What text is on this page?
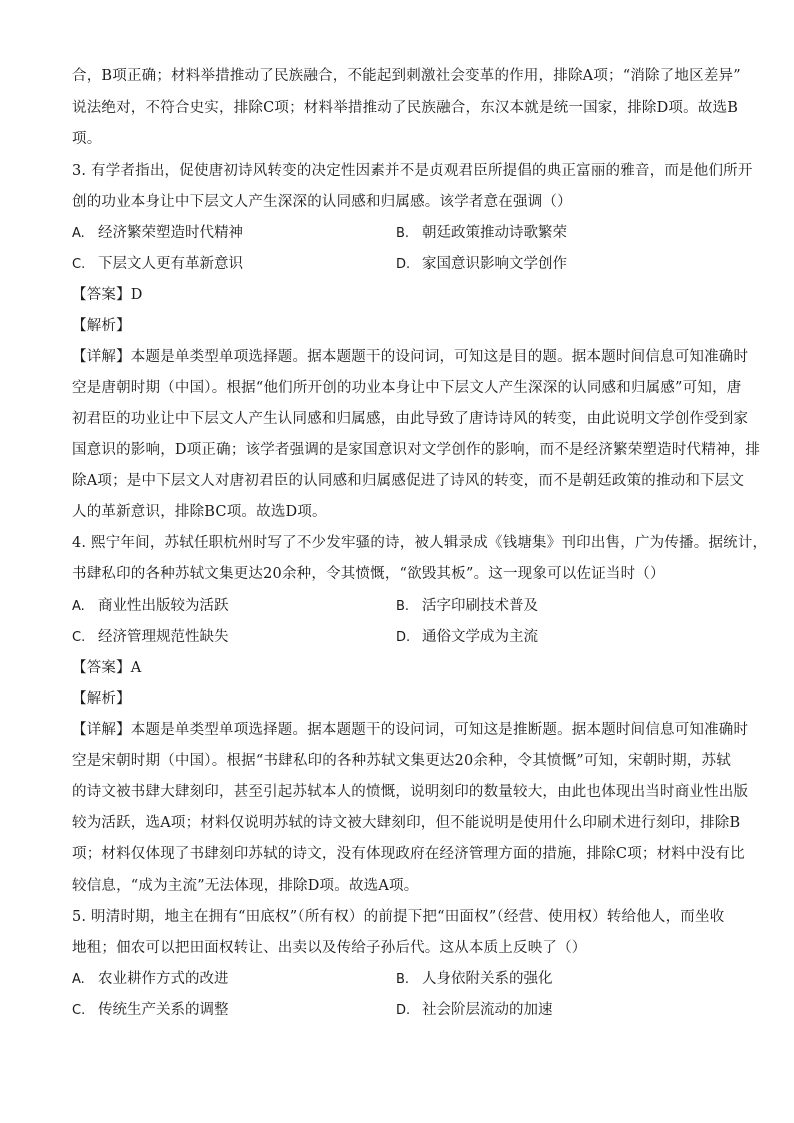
合，B项正确；材料举措推动了民族融合，不能起到刺激社会变革的作用，排除A项；“消除了地区差异”
说法绝对，不符合史实，排除C项；材料举措推动了民族融合，东汉本就是统一国家，排除D项。故选B
项。
3. 有学者指出，促使唐初诗风转变的决定性因素并不是贞观君臣所提倡的典正富丽的雅音，而是他们所开
创的功业本身让中下层文人产生深深的认同感和归属感。该学者意在强调（）
A. 经济繁荣塑造时代精神	B. 朝廷政策推动诗歌繁荣
C. 下层文人更有革新意识	D. 家国意识影响文学创作
【答案】D
【解析】
【详解】本题是单类型单项选择题。据本题题干的设问词，可知这是目的题。据本题时间信息可知准确时
空是唐朝时期（中国）。根据“他们所开创的功业本身让中下层文人产生深深的认同感和归属感”可知，唐
初君臣的功业让中下层文人产生认同感和归属感，由此导致了唐诗诗风的转变，由此说明文学创作受到家
国意识的影响，D项正确；该学者强调的是家国意识对文学创作的影响，而不是经济繁荣塑造时代精神，排
除A项；是中下层文人对唐初君臣的认同感和归属感促进了诗风的转变，而不是朝廷政策的推动和下层文
人的革新意识，排除BC项。故选D项。
4. 熙宁年间，苏轼任职杭州时写了不少发牢骚的诗，被人辑录成《钱塘集》刊印出售，广为传播。据统计，
书肆私印的各种苏轼文集更达20余种，令其愤慨，“欲毁其板”。这一现象可以佐证当时（）
A. 商业性出版较为活跃	B. 活字印刷技术普及
C. 经济管理规范性缺失	D. 通俗文学成为主流
【答案】A
【解析】
【详解】本题是单类型单项选择题。据本题题干的设问词，可知这是推断题。据本题时间信息可知准确时
空是宋朝时期（中国）。根据“书肆私印的各种苏轼文集更达20余种，令其愤慨”可知，宋朝时期，苏轼
的诗文被书肆大肆刻印，甚至引起苏轼本人的愤慨，说明刻印的数量较大，由此也体现出当时商业性出版
较为活跃，选A项；材料仅说明苏轼的诗文被大肆刻印，但不能说明是使用什么印刷术进行刻印，排除B
项；材料仅体现了书肆刻印苏轼的诗文，没有体现政府在经济管理方面的措施，排除C项；材料中没有比
较信息，“成为主流”无法体现，排除D项。故选A项。
5. 明清时期，地主在拥有“田底权”（所有权）的前提下把“田面权”（经营、使用权）转给他人，而坐收
地租；佃农可以把田面权转让、出卖以及传给子孙后代。这从本质上反映了（）
A. 农业耕作方式的改进	B. 人身依附关系的强化
C. 传统生产关系的调整	D. 社会阶层流动的加速
